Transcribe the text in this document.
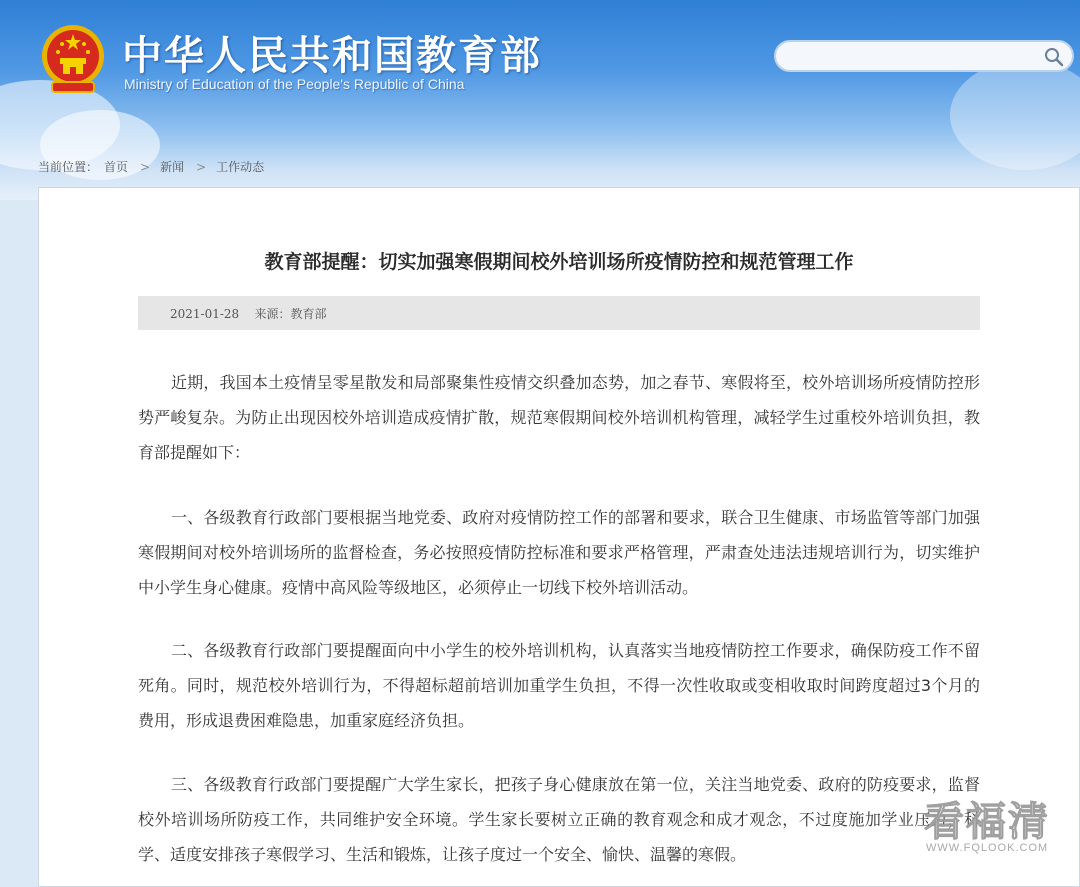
中华人民共和国教育部
Ministry of Education of the People's Republic of China
当前位置： 首页 > 新闻 > 工作动态
教育部提醒：切实加强寒假期间校外培训场所疫情防控和规范管理工作
2021-01-28 来源：教育部

近期，我国本土疫情呈零星散发和局部聚集性疫情交织叠加态势，加之春节、寒假将至，校外培训场所疫情防控形势严峻复杂。为防止出现因校外培训造成疫情扩散，规范寒假期间校外培训机构管理，减轻学生过重校外培训负担，教育部提醒如下：

一、各级教育行政部门要根据当地党委、政府对疫情防控工作的部署和要求，联合卫生健康、市场监管等部门加强寒假期间对校外培训场所的监督检查，务必按照疫情防控标准和要求严格管理，严肃查处违法违规培训行为，切实维护中小学生身心健康。疫情中高风险等级地区，必须停止一切线下校外培训活动。

二、各级教育行政部门要提醒面向中小学生的校外培训机构，认真落实当地疫情防控工作要求，确保防疫工作不留死角。同时，规范校外培训行为，不得超标超前培训加重学生负担，不得一次性收取或变相收取时间跨度超过3个月的费用，形成退费困难隐患，加重家庭经济负担。

三、各级教育行政部门要提醒广大学生家长，把孩子身心健康放在第一位，关注当地党委、政府的防疫要求，监督校外培训场所防疫工作，共同维护安全环境。学生家长要树立正确的教育观念和成才观念，不过度施加学业压力，科学、适度安排孩子寒假学习、生活和锻炼，让孩子度过一个安全、愉快、温馨的寒假。

看福清
WWW.FQLOOK.COM
